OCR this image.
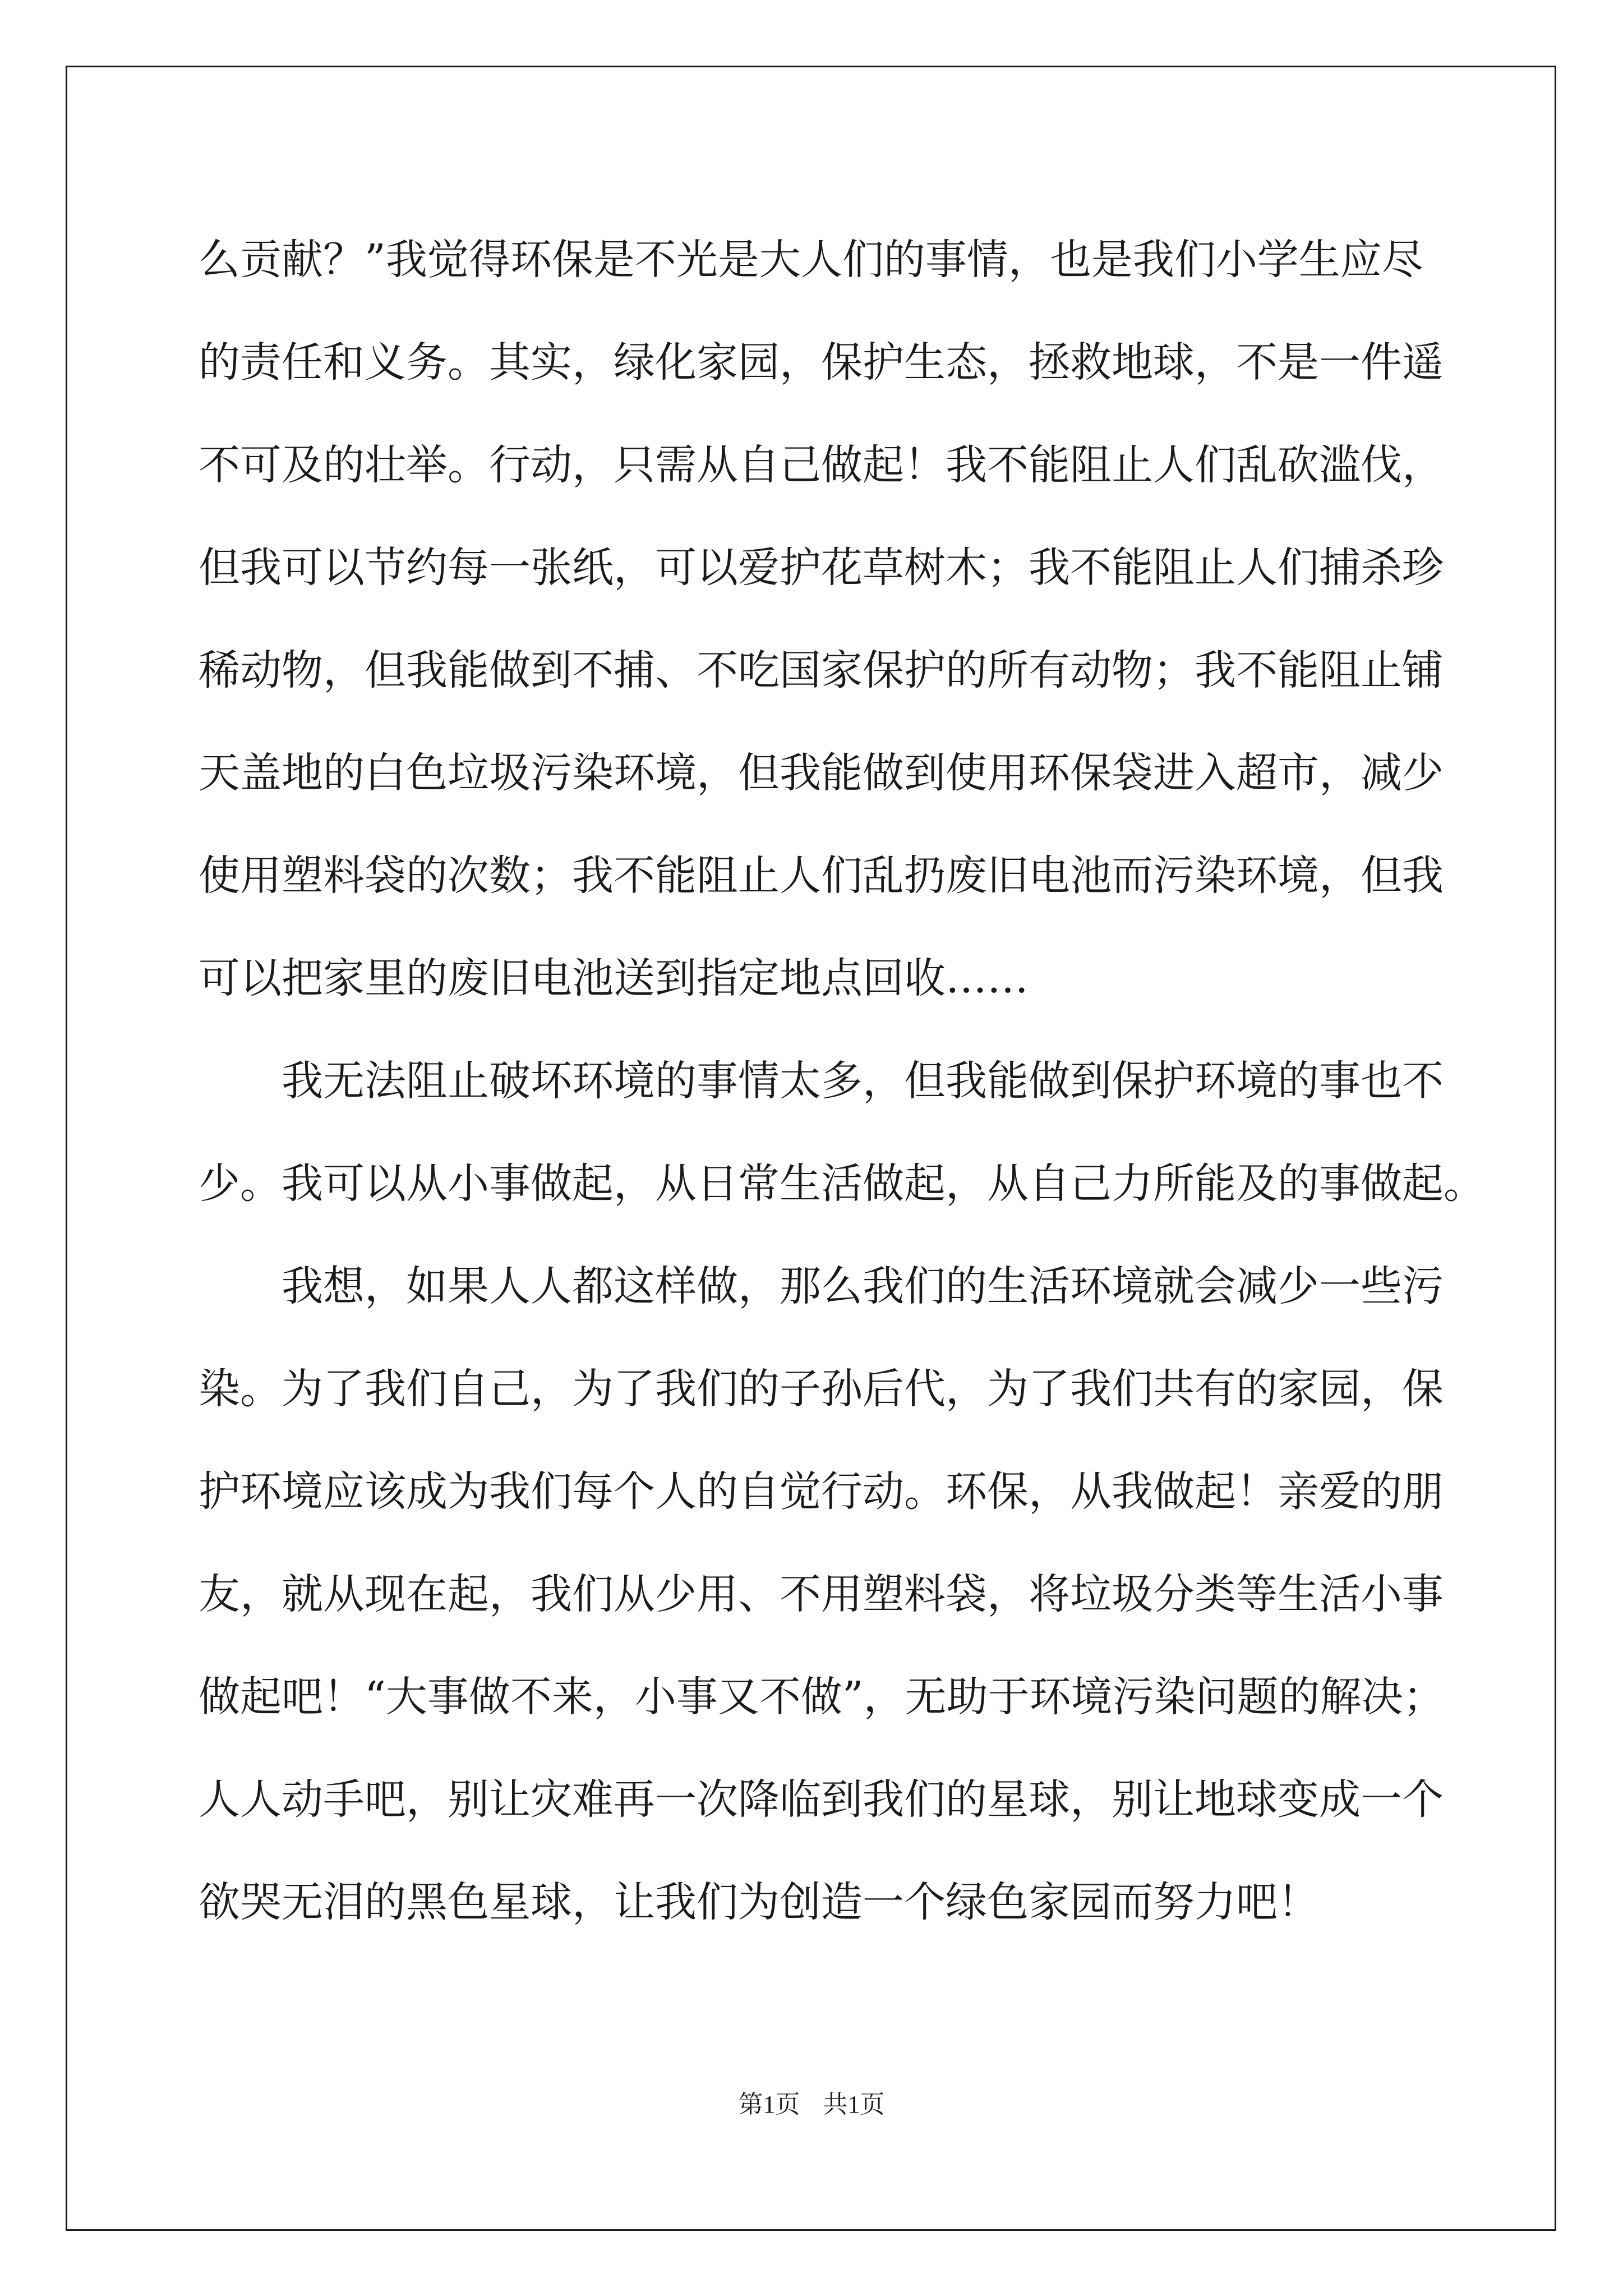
么贡献？”我觉得环保是不光是大人们的事情，也是我们小学生应尽
的责任和义务。其实，绿化家园，保护生态，拯救地球，不是一件遥
不可及的壮举。行动，只需从自己做起！我不能阻止人们乱砍滥伐，
但我可以节约每一张纸，可以爱护花草树木；我不能阻止人们捕杀珍
稀动物，但我能做到不捕、不吃国家保护的所有动物；我不能阻止铺
天盖地的白色垃圾污染环境，但我能做到使用环保袋进入超市，减少
使用塑料袋的次数；我不能阻止人们乱扔废旧电池而污染环境，但我
可以把家里的废旧电池送到指定地点回收……
我无法阻止破坏环境的事情太多，但我能做到保护环境的事也不
少。我可以从小事做起，从日常生活做起，从自己力所能及的事做起。
我想，如果人人都这样做，那么我们的生活环境就会减少一些污
染。为了我们自己，为了我们的子孙后代，为了我们共有的家园，保
护环境应该成为我们每个人的自觉行动。环保，从我做起！亲爱的朋
友，就从现在起，我们从少用、不用塑料袋，将垃圾分类等生活小事
做起吧！“大事做不来，小事又不做”，无助于环境污染问题的解决；
人人动手吧，别让灾难再一次降临到我们的星球，别让地球变成一个
欲哭无泪的黑色星球，让我们为创造一个绿色家园而努力吧！
第1页 共1页
